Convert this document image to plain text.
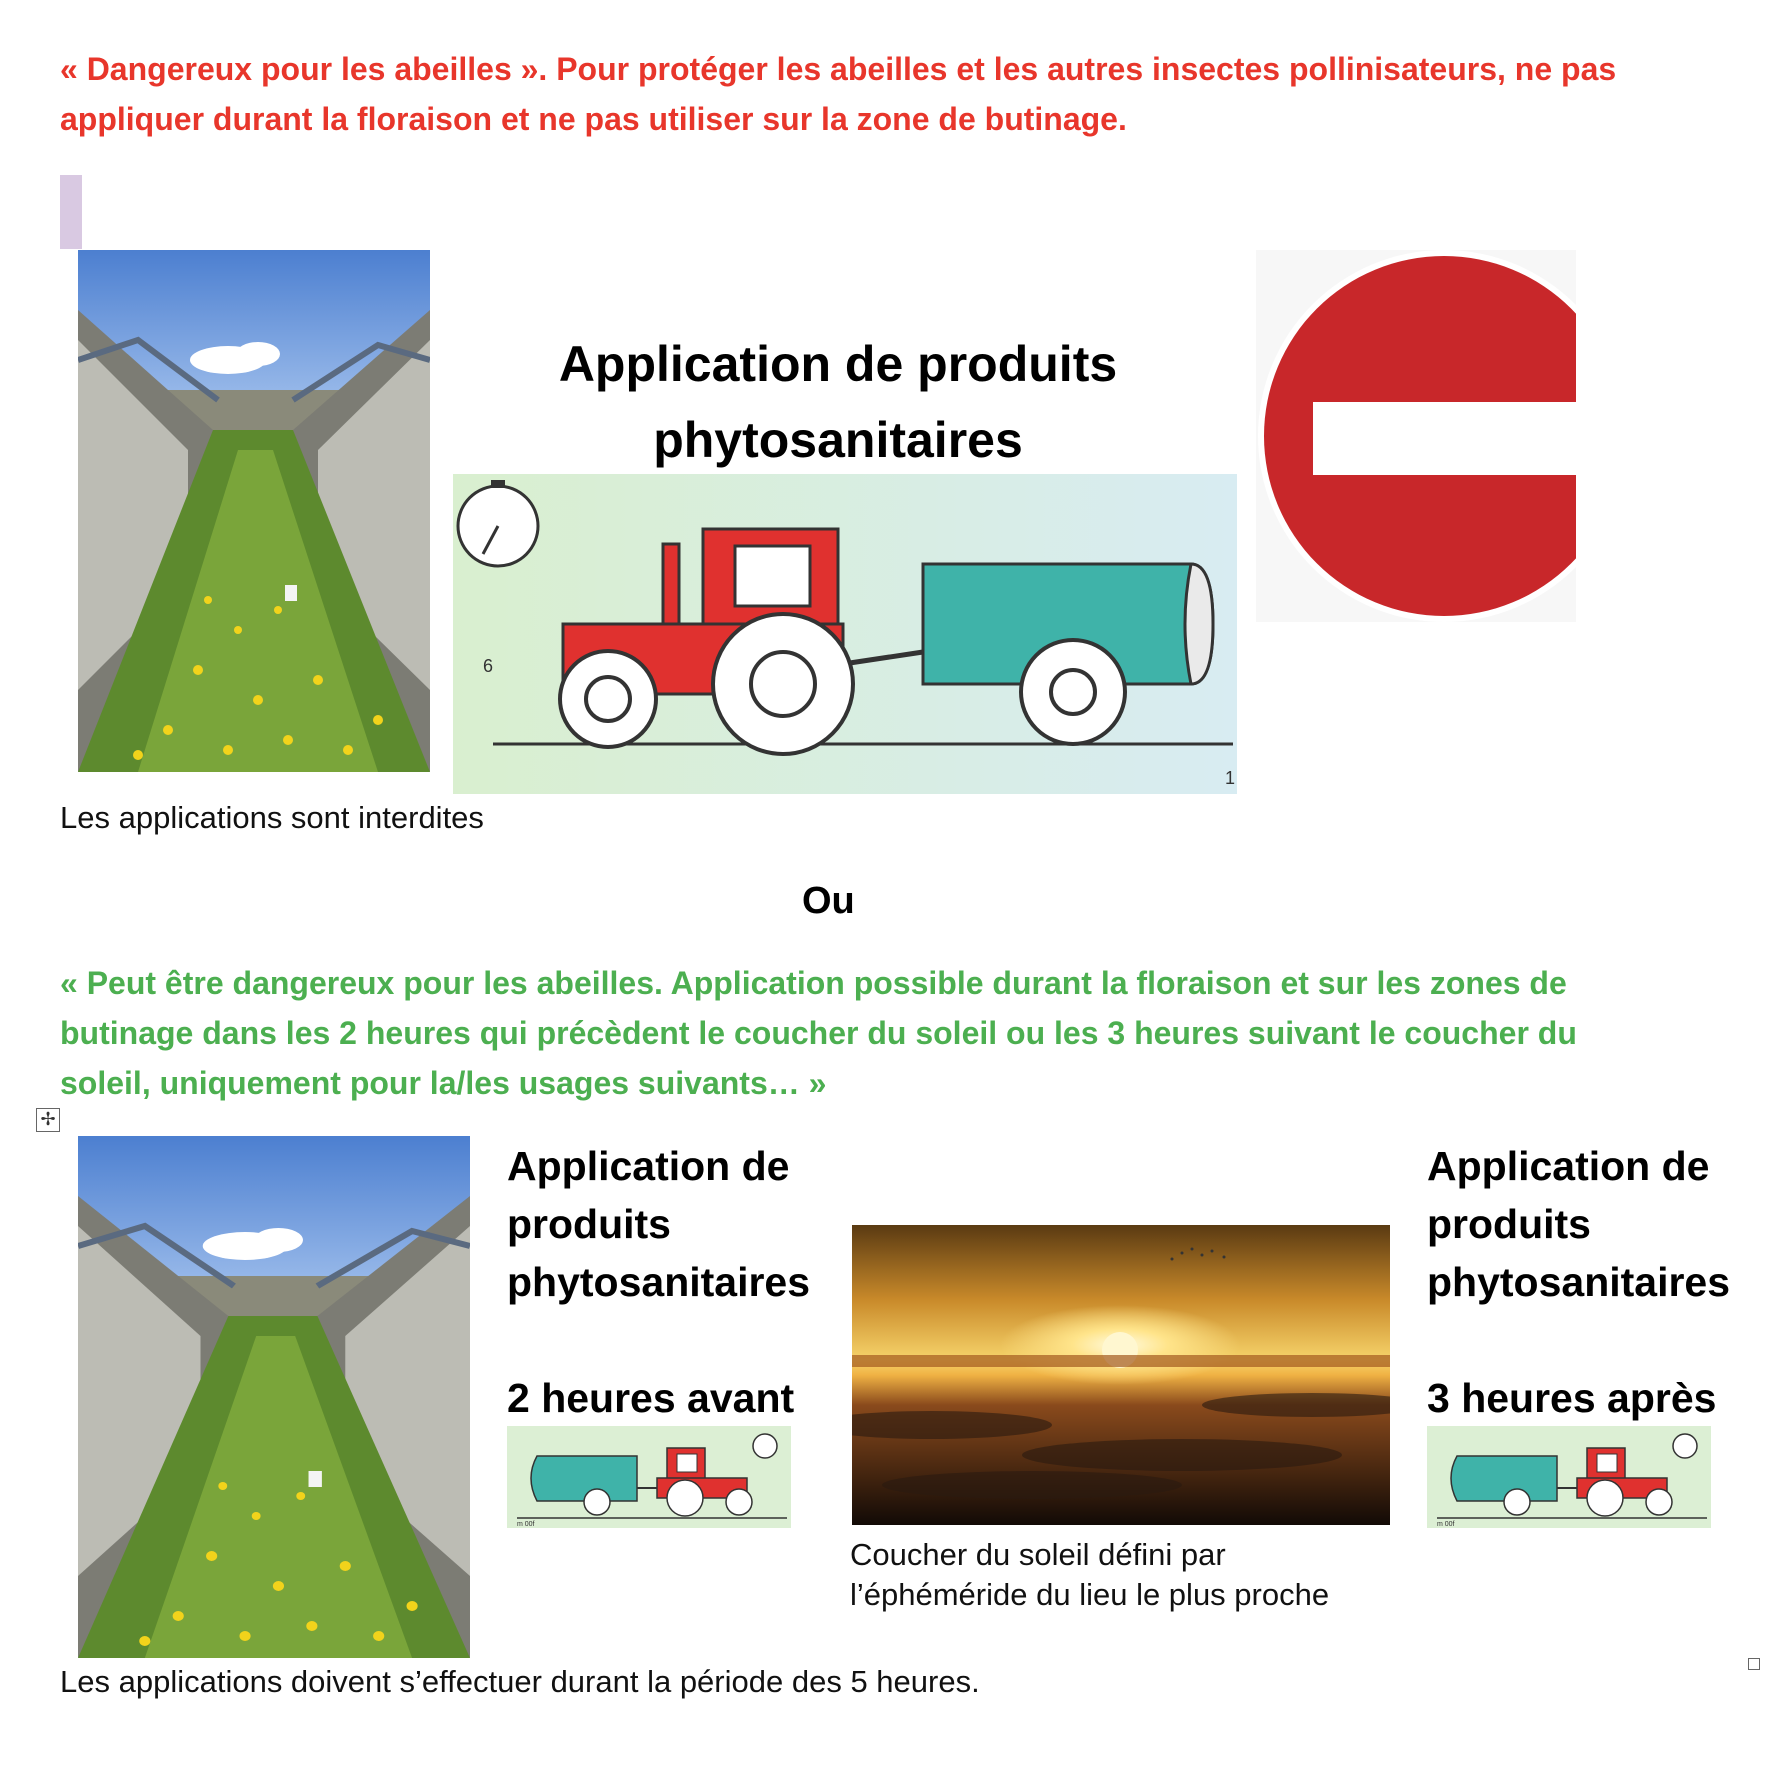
« Dangereux pour les abeilles ». Pour protéger les abeilles et les autres insectes pollinisateurs, ne pas appliquer durant la floraison et ne pas utiliser sur la zone de butinage.
Application de produits
phytosanitaires
6
1
Les applications sont interdites
Ou
« Peut être dangereux pour les abeilles. Application possible durant la floraison et sur les zones de butinage dans les 2 heures qui précèdent le coucher du soleil ou les 3 heures suivant le coucher du soleil, uniquement pour la/les usages suivants… »
✢
Application de
produits
phytosanitaires
2 heures avant
m 00f
Coucher du soleil défini par
l’éphéméride du lieu le plus proche
Application de
produits
phytosanitaires
3 heures après
m 00f
Les applications doivent s’effectuer durant la période des 5 heures.
